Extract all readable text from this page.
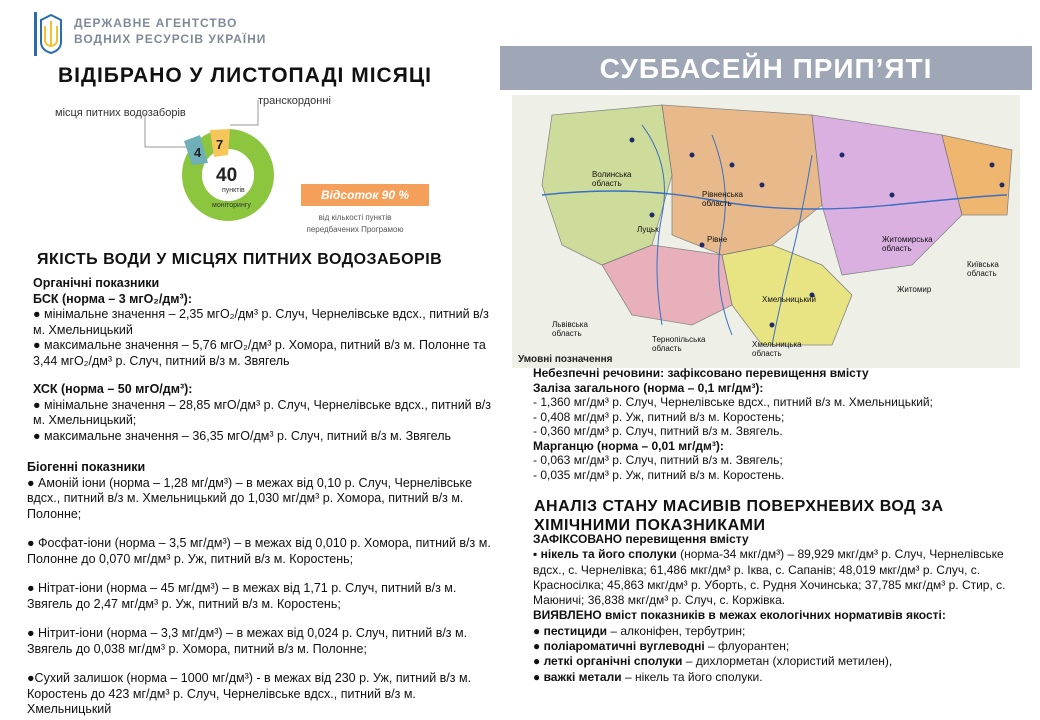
ДЕРЖАВНЕ АГЕНТСТВО
ВОДНИХ РЕСУРСІВ УКРАЇНИ
ВІДІБРАНО У ЛИСТОПАДІ МІСЯЦІ	СУББАСЕЙН ПРИП’ЯТІ
місця питних водозаборів
транскордонні
4
7
40
пунктів
моніторингу
Відсоток 90 %
від кількості пунктів
передбачених Програмою
ЯКІСТЬ ВОДИ У МІСЦЯХ ПИТНИХ ВОДОЗАБОРІВ
Органічні показники
БСК (норма – 3 мгО₂/дм³):
● мінімальне значення – 2,35 мгО₂/дм³ р. Случ, Чернелівське вдсх., питний в/з м. Хмельницький
● максимальне значення – 5,76 мгО₂/дм³ р. Хомора, питний в/з м. Полонне та 3,44 мгО₂/дм³ р. Случ, питний в/з м. Звягель
ХСК (норма – 50 мгО/дм³):
● мінімальне значення – 28,85 мгО/дм³ р. Случ, Чернелівське вдсх., питний в/з м. Хмельницький;
● максимальне значення – 36,35 мгО/дм³ р. Случ, питний в/з м. Звягель
Біогенні показники
● Амоній іони (норма – 1,28 мг/дм³) – в межах від 0,10 р. Случ, Чернелівське вдсх., питний в/з м. Хмельницький до 1,030 мг/дм³ р. Хомора, питний в/з м. Полонне;
● Фосфат-іони (норма – 3,5 мг/дм³) – в межах від 0,010 р. Хомора, питний в/з м. Полонне до 0,070 мг/дм³ р. Уж, питний в/з м. Коростень;
● Нітрат-іони (норма – 45 мг/дм³) – в межах від 1,71 р. Случ, питний в/з м. Звягель до 2,47 мг/дм³ р. Уж, питний в/з м. Коростень;
● Нітрит-іони (норма – 3,3 мг/дм³) – в межах від 0,024 р. Случ, питний в/з м. Звягель до 0,038 мг/дм³ р. Хомора, питний в/з м. Полонне;
●Сухий залишок (норма – 1000 мг/дм³) - в межах від 230 р. Уж, питний в/з м. Коростень до 423 мг/дм³ р. Случ, Чернелівське вдсх., питний в/з м. Хмельницький
Волинська область
Рівненська область
Житомирська область
Київська область
Львівська область
Тернопільська область	Хмельницька область
Луцьк
Рівне
Житомир
Хмельницький
Умовні позначення
Небезпечні речовини: зафіксовано перевищення вмісту
Заліза загального (норма – 0,1 мг/дм³):
- 1,360 мг/дм³ р. Случ, Чернелівське вдсх., питний в/з м. Хмельницький;
- 0,408 мг/дм³ р. Уж, питний в/з м. Коростень;
- 0,360 мг/дм³ р. Случ, питний в/з м. Звягель.
Марганцю (норма – 0,01 мг/дм³):
- 0,063 мг/дм³ р. Случ, питний в/з м. Звягель;
- 0,035 мг/дм³ р. Уж, питний в/з м. Коростень.
АНАЛІЗ СТАНУ МАСИВІВ ПОВЕРХНЕВИХ ВОД ЗА
ХІМІЧНИМИ ПОКАЗНИКАМИ
ЗАФІКСОВАНО перевищення вмісту
▪ нікель та його сполуки (норма-34 мкг/дм³) – 89,929 мкг/дм³ р. Случ, Чернелівське вдсх., с. Чернелівка; 61,486 мкг/дм³ р. Іква, с. Сапанів; 48,019 мкг/дм³ р. Случ, с. Красносілка; 45,863 мкг/дм³ р. Уборть, с. Рудня Хочинська; 37,785 мкг/дм³ р. Стир, с. Маюничі; 36,838 мкг/дм³ р. Случ, с. Коржівка.
ВИЯВЛЕНО вміст показників в межах екологічних нормативів якості:
● пестициди – алконіфен, тербутрин;
● поліароматичні вуглеводні – флуорантен;
● леткі органічні сполуки – дихлорметан (хлористий метилен),
● важкі метали – нікель та його сполуки.
